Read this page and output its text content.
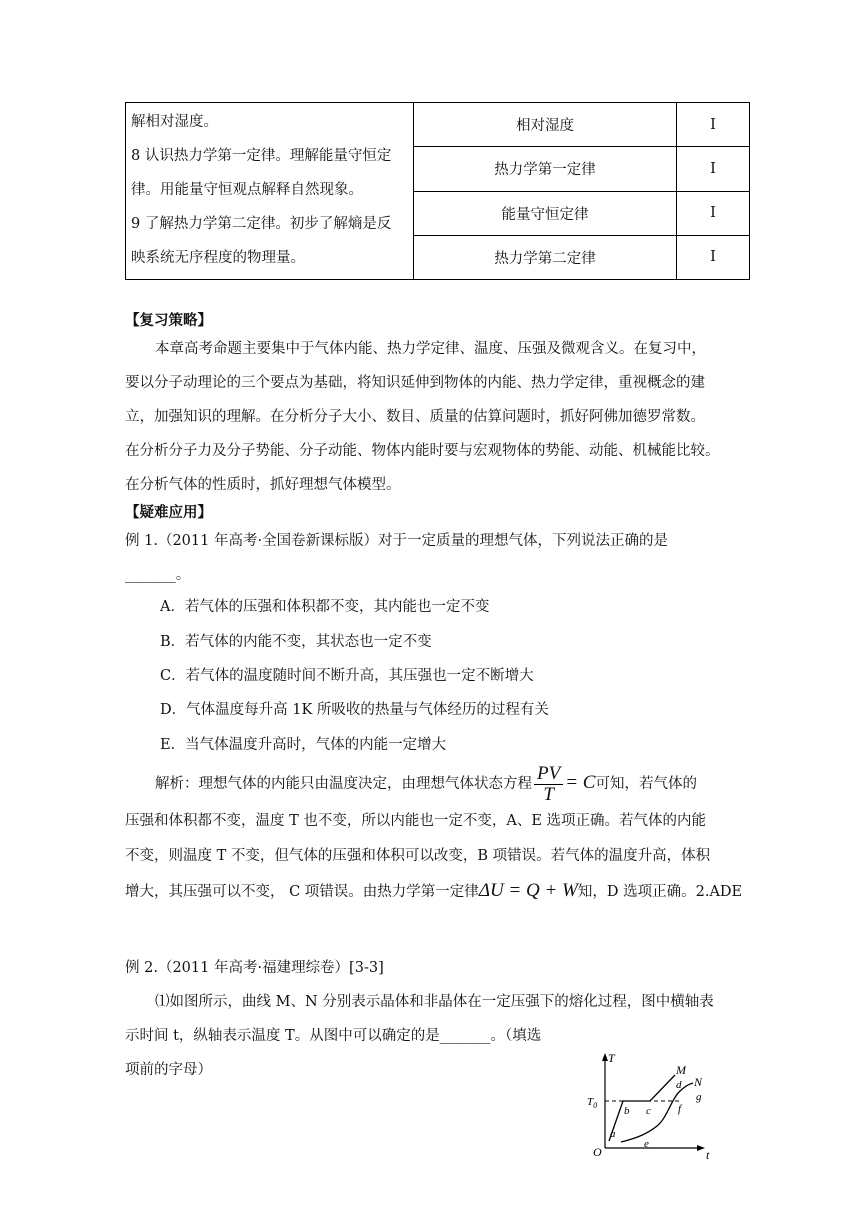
解相对湿度。
8 认识热力学第一定律。理解能量守恒定
律。用能量守恒观点解释自然现象。
9 了解热力学第二定律。初步了解熵是反
映系统无序程度的物理量。	相对湿度	I
	热力学第一定律	I
	能量守恒定律	I
	热力学第二定律	I
【复习策略】
本章高考命题主要集中于气体内能、热力学定律、温度、压强及微观含义。在复习中，
要以分子动理论的三个要点为基础，将知识延伸到物体的内能、热力学定律，重视概念的建
立，加强知识的理解。在分析分子大小、数目、质量的估算问题时，抓好阿佛加德罗常数。
在分析分子力及分子势能、分子动能、物体内能时要与宏观物体的势能、动能、机械能比较。
在分析气体的性质时，抓好理想气体模型。
【疑难应用】
例 1.（2011 年高考·全国卷新课标版）对于一定质量的理想气体，下列说法正确的是
_______。
A．若气体的压强和体积都不变，其内能也一定不变
B．若气体的内能不变，其状态也一定不变
C．若气体的温度随时间不断升高，其压强也一定不断增大
D．气体温度每升高 1K 所吸收的热量与气体经历的过程有关
E．当气体温度升高时，气体的内能一定增大
解析：理想气体的内能只由温度决定，由理想气体状态方程 $\frac{PV}{T} = C$可知，若气体的
压强和体积都不变，温度 T 也不变，所以内能也一定不变，A、E 选项正确。若气体的内能
不变，则温度 T 不变，但气体的压强和体积可以改变，B 项错误。若气体的温度升高，体积
增大，其压强可以不变， C 项错误。由热力学第一定律ΔU = Q + W知，D 选项正确。2.ADE
例 2.（2011 年高考·福建理综卷）[3-3]
⑴如图所示，曲线 M、N 分别表示晶体和非晶体在一定压强下的熔化过程，图中横轴表
示时间 t，纵轴表示温度 T。从图中可以确定的是_______。（填选
项前的字母）
T
t
O
$T_0$
M
N
a
b c
d
e
f
g
